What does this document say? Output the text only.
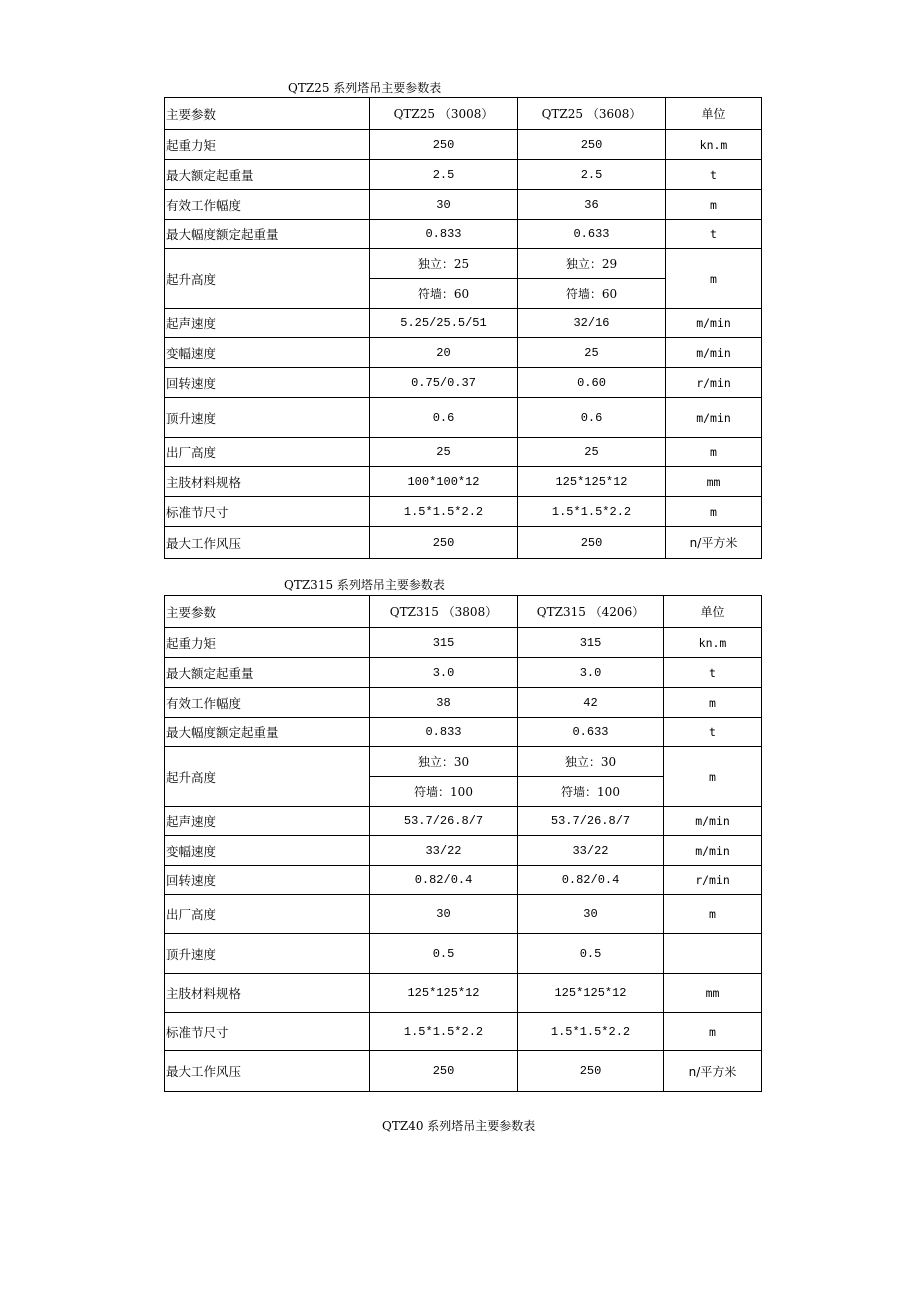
QTZ25 系列塔吊主要参数表
主要参数	QTZ25 （3008）	QTZ25 （3608）	单位
起重力矩	250	250	kn.m
最大额定起重量	2.5	2.5	t
有效工作幅度	30	36	m
最大幅度额定起重量	0.833	0.633	t
起升高度	独立：25	独立：29	m
	符墙：60	符墙：60	
起声速度	5.25/25.5/51	32/16	m/min
变幅速度	20	25	m/min
回转速度	0.75/0.37	0.60	r/min
顶升速度	0.6	0.6	m/min
出厂高度	25	25	m
主肢材料规格	100*100*12	125*125*12	mm
标准节尺寸	1.5*1.5*2.2	1.5*1.5*2.2	m
最大工作风压	250	250	n/平方米
QTZ315 系列塔吊主要参数表
主要参数	QTZ315 （3808）	QTZ315 （4206）	单位
起重力矩	315	315	kn.m
最大额定起重量	3.0	3.0	t
有效工作幅度	38	42	m
最大幅度额定起重量	0.833	0.633	t
起升高度	独立：30	独立：30	m
	符墙：100	符墙：100	
起声速度	53.7/26.8/7	53.7/26.8/7	m/min
变幅速度	33/22	33/22	m/min
回转速度	0.82/0.4	0.82/0.4	r/min
出厂高度	30	30	m
顶升速度	0.5	0.5	
主肢材料规格	125*125*12	125*125*12	mm
标准节尺寸	1.5*1.5*2.2	1.5*1.5*2.2	m
最大工作风压	250	250	n/平方米
QTZ40 系列塔吊主要参数表
